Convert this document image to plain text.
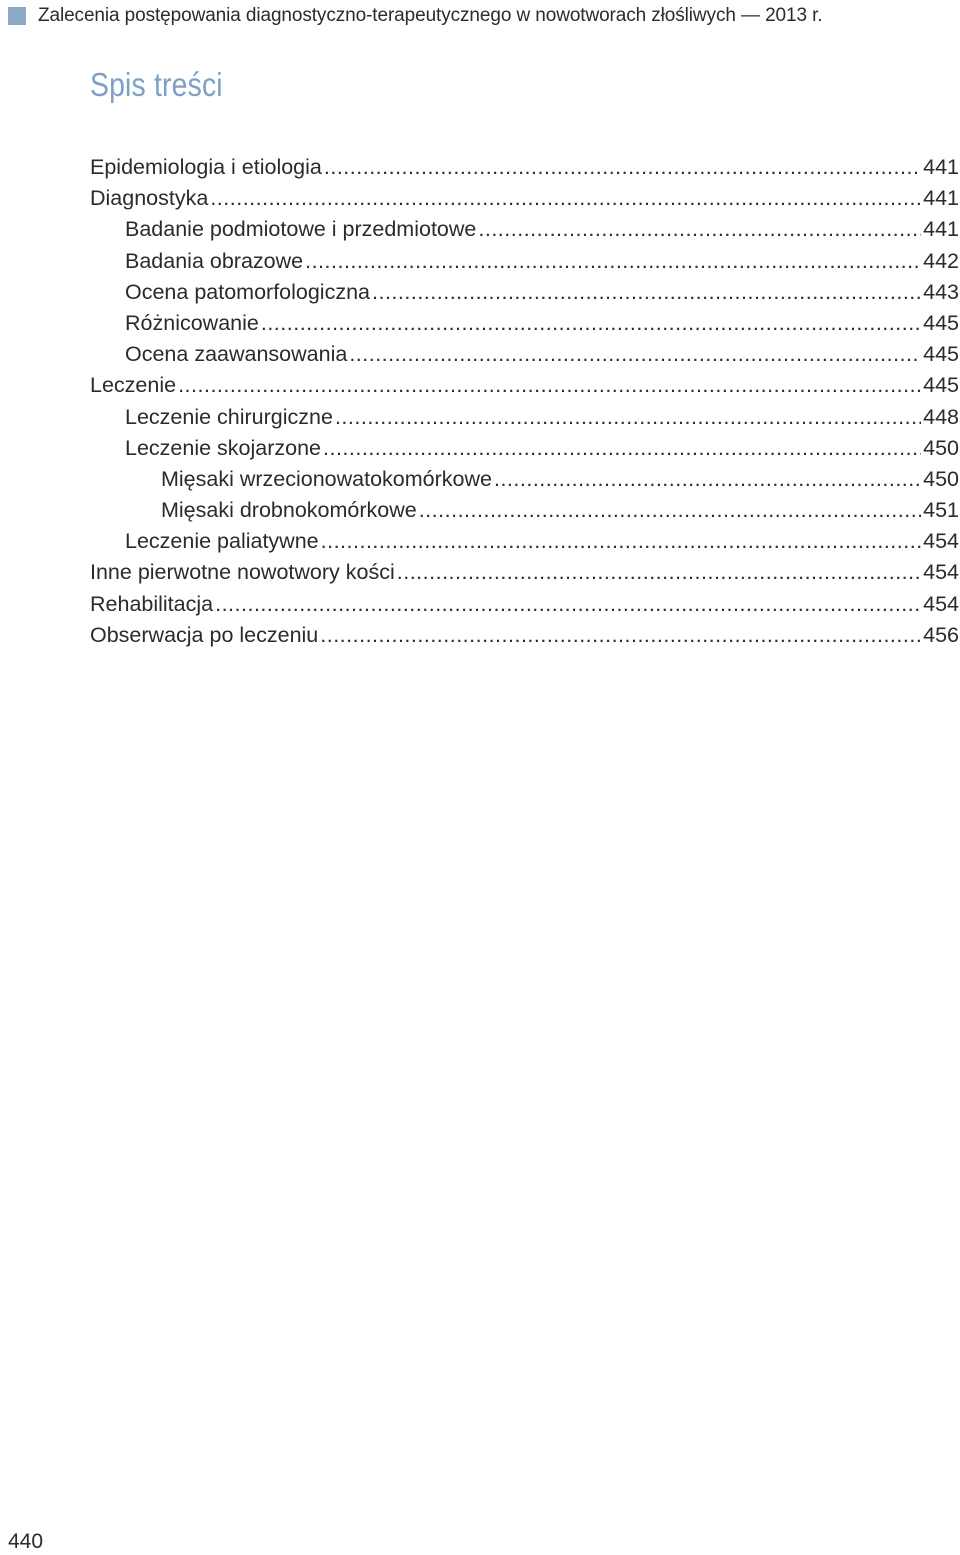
Zalecenia postępowania diagnostyczno-terapeutycznego w nowotworach złośliwych — 2013 r.
Spis treści
Epidemiologia i etiologia .....	441
Diagnostyka .....	441
Badanie podmiotowe i przedmiotowe .....	441
Badania obrazowe .....	442
Ocena patomorfologiczna .....	443
Różnicowanie .....	445
Ocena zaawansowania .....	445
Leczenie .....	445
Leczenie chirurgiczne .....	448
Leczenie skojarzone .....	450
Mięsaki wrzecionowatokomórkowe .....	450
Mięsaki drobnokomórkowe .....	451
Leczenie paliatywne .....	454
Inne pierwotne nowotwory kości .....	454
Rehabilitacja .....	454
Obserwacja po leczeniu .....	456
440
